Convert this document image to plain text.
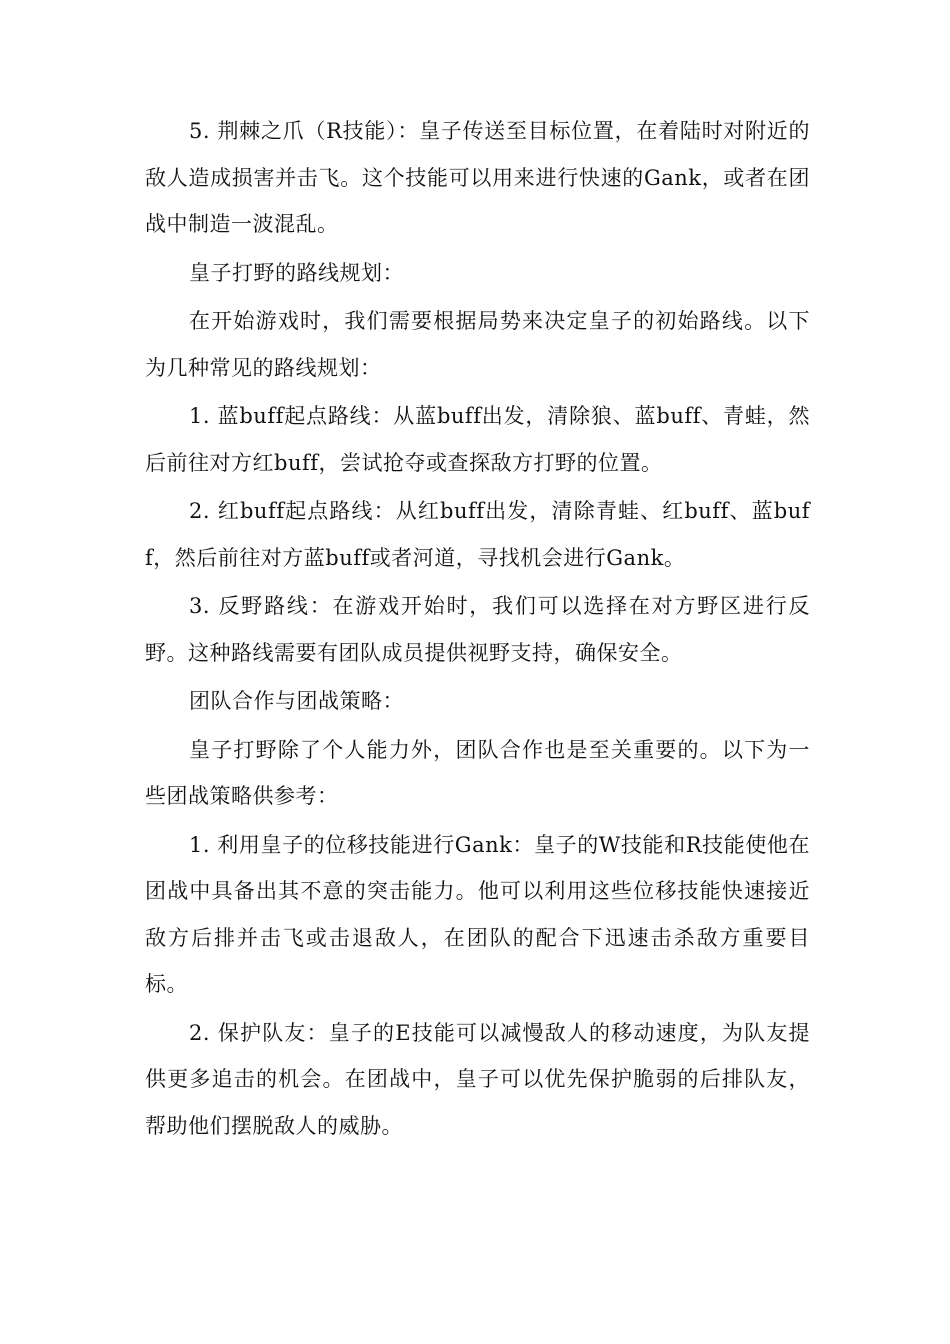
5. 荆棘之爪（R技能）：皇子传送至目标位置，在着陆时对附近的敌人造成损害并击飞。这个技能可以用来进行快速的Gank，或者在团战中制造一波混乱。

皇子打野的路线规划：

在开始游戏时，我们需要根据局势来决定皇子的初始路线。以下为几种常见的路线规划：

1. 蓝buff起点路线：从蓝buff出发，清除狼、蓝buff、青蛙，然后前往对方红buff，尝试抢夺或查探敌方打野的位置。

2. 红buff起点路线：从红buff出发，清除青蛙、红buff、蓝buff，然后前往对方蓝buff或者河道，寻找机会进行Gank。

3. 反野路线：在游戏开始时，我们可以选择在对方野区进行反野。这种路线需要有团队成员提供视野支持，确保安全。

团队合作与团战策略：

皇子打野除了个人能力外，团队合作也是至关重要的。以下为一些团战策略供参考：

1. 利用皇子的位移技能进行Gank：皇子的W技能和R技能使他在团战中具备出其不意的突击能力。他可以利用这些位移技能快速接近敌方后排并击飞或击退敌人，在团队的配合下迅速击杀敌方重要目标。

2. 保护队友：皇子的E技能可以减慢敌人的移动速度，为队友提供更多追击的机会。在团战中，皇子可以优先保护脆弱的后排队友，帮助他们摆脱敌人的威胁。
